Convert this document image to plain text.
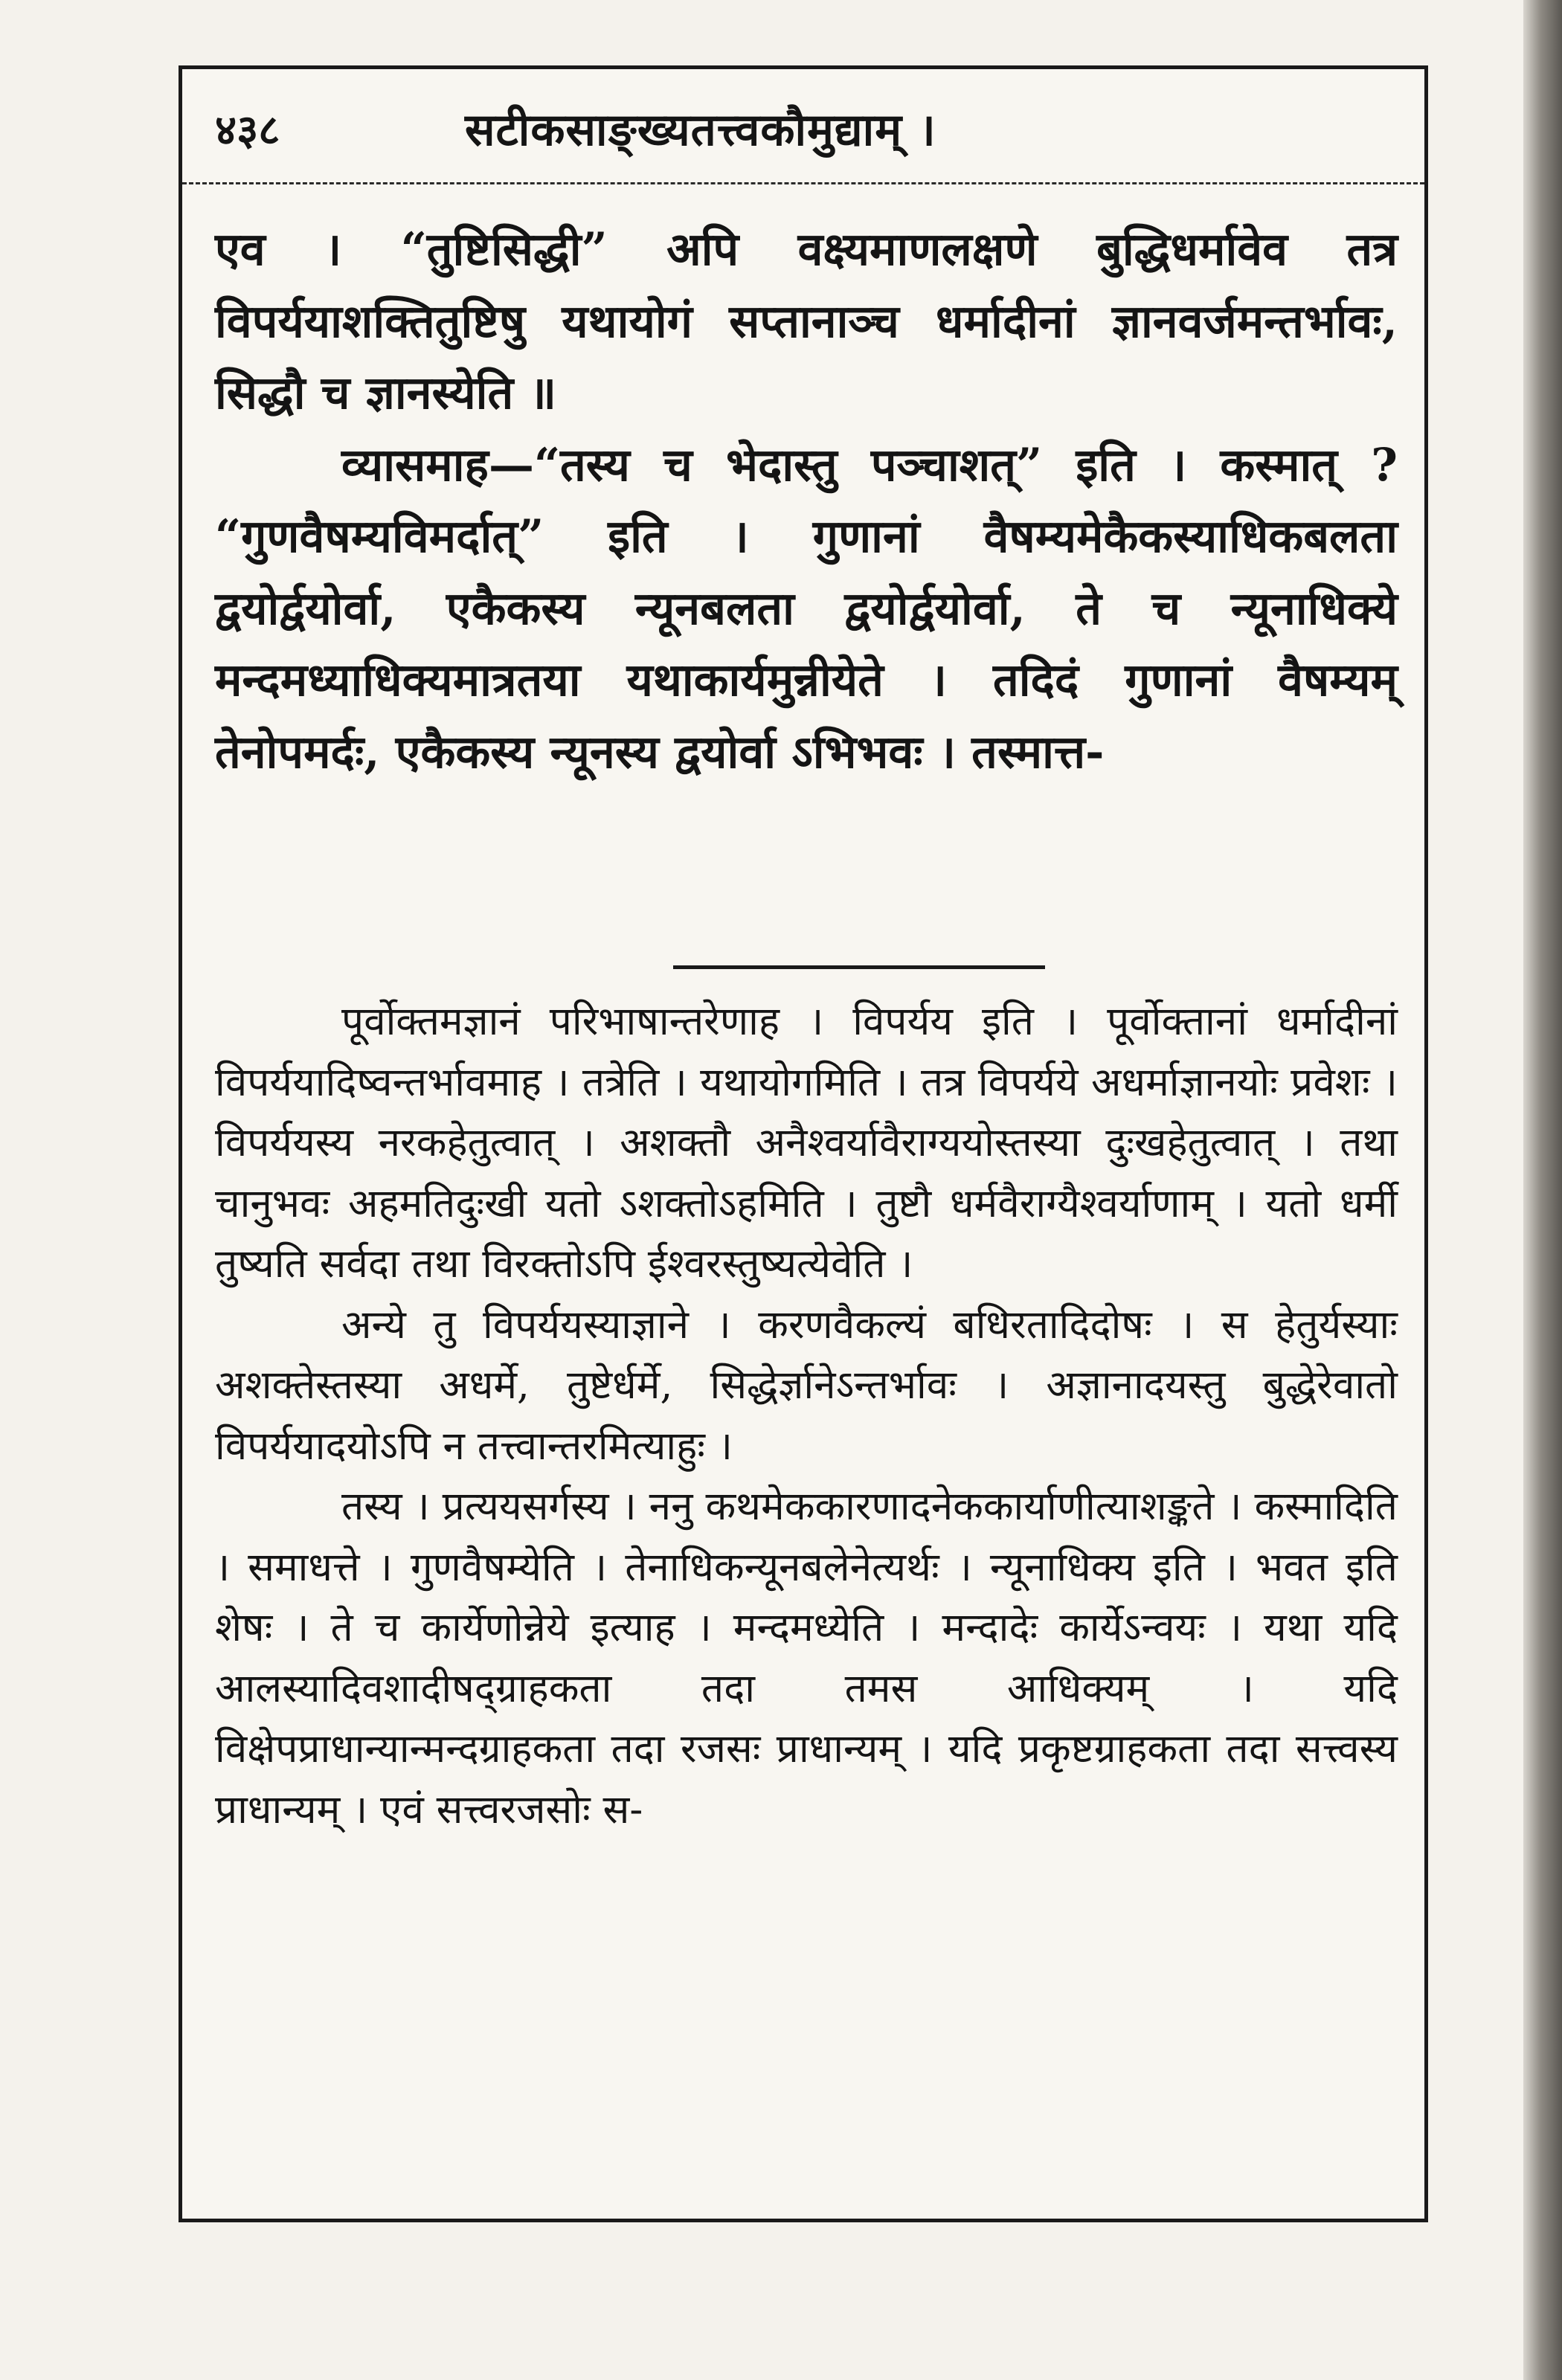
४३८	सटीकसाङ्ख्यतत्त्वकौमुद्याम् ।

एव । “तुष्टिसिद्धी” अपि वक्ष्यमाणलक्षणे बुद्धिधर्मावेव तत्र विपर्ययाशक्तितुष्टिषु यथायोगं सप्तानाञ्च धर्मादीनां ज्ञानवर्जमन्तर्भावः, सिद्धौ च ज्ञानस्येति ॥

व्यासमाह—“तस्य च भेदास्तु पञ्चाशत्” इति । कस्मात् ? “गुणवैषम्यविमर्दात्” इति । गुणानां वैषम्यमेकैकस्याधिकबलता द्वयोर्द्वयोर्वा, एकैकस्य न्यूनबलता द्वयोर्द्वयोर्वा, ते च न्यूनाधिक्ये मन्दमध्याधिक्यमात्रतया यथाकार्यमुन्नीयेते । तदिदं गुणानां वैषम्यम् तेनोपमर्दः, एकैकस्य न्यूनस्य द्वयोर्वा ऽभिभवः । तस्मात्त-

पूर्वोक्तमज्ञानं परिभाषान्तरेणाह । विपर्यय इति । पूर्वोक्तानां धर्मादीनां विपर्ययादिष्वन्तर्भावमाह । तत्रेति । यथायोगमिति । तत्र विपर्यये अधर्माज्ञानयोः प्रवेशः । विपर्ययस्य नरकहेतुत्वात् । अशक्तौ अनैश्वर्यावैराग्ययोस्तस्या दुःखहेतुत्वात् । तथा चानुभवः अहमतिदुःखी यतो ऽशक्तोऽहमिति । तुष्टौ धर्मवैराग्यैश्वर्याणाम् । यतो धर्मी तुष्यति सर्वदा तथा विरक्तोऽपि ईश्वरस्तुष्यत्येवेति ।

अन्ये तु विपर्ययस्याज्ञाने । करणवैकल्यं बधिरतादिदोषः । स हेतुर्यस्याः अशक्तेस्तस्या अधर्मे, तुष्टेर्धर्मे, सिद्धेर्ज्ञानेऽन्तर्भावः । अज्ञानादयस्तु बुद्धेरेवातो विपर्ययादयोऽपि न तत्त्वान्तरमित्याहुः ।

तस्य । प्रत्ययसर्गस्य । ननु कथमेककारणादनेककार्याणीत्याशङ्कते । कस्मादिति । समाधत्ते । गुणवैषम्येति । तेनाधिकन्यूनबलेनेत्यर्थः । न्यूनाधिक्य इति । भवत इति शेषः । ते च कार्येणोन्नेये इत्याह । मन्दमध्येति । मन्दादेः कार्येऽन्वयः । यथा यदि आलस्यादिवशादीषद्ग्राहकता तदा तमस आधिक्यम् । यदि विक्षेपप्राधान्यान्मन्दग्राहकता तदा रजसः प्राधान्यम् । यदि प्रकृष्टग्राहकता तदा सत्त्वस्य प्राधान्यम् । एवं सत्त्वरजसोः स-
